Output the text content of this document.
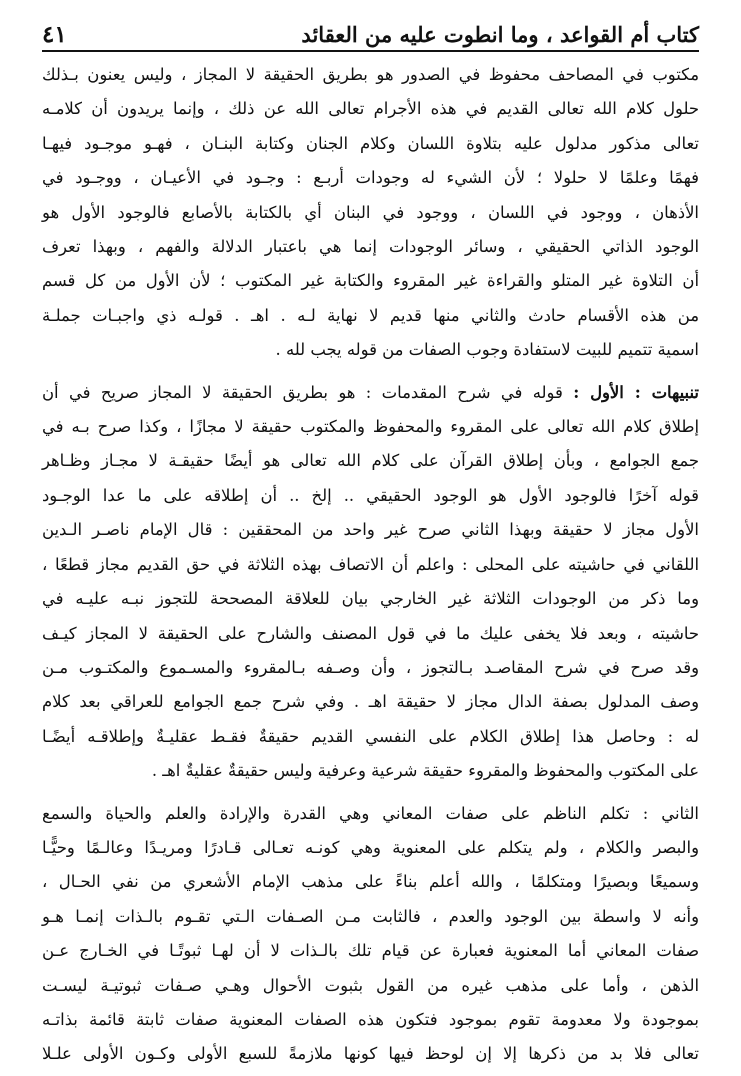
كتاب أم القواعد ، وما انطوت عليه من العقائد
٤١

مكتوب في المصاحف محفوظ في الصدور هو بطريق الحقيقة لا المجاز ، وليس يعنون بـذلك
حلول كلام الله تعالى القديم في هذه الأجرام تعالى الله عن ذلك ، وإنما يريدون أن كلامـه
تعالى مذكور مدلول عليه بتلاوة اللسان وكلام الجنان وكتابة البنـان ، فهـو موجـود فيهـا
فهمًا وعلمًا لا حلولا ؛ لأن الشيء له وجودات أربـع : وجـود في الأعيـان ، ووجـود في
الأذهان ، ووجود في اللسان ، ووجود في البنان أي بالكتابة بالأصابع فالوجود الأول هو
الوجود الذاتي الحقيقي ، وسائر الوجودات إنما هي باعتبار الدلالة والفهم ، وبهذا تعرف
أن التلاوة غير المتلو والقراءة غير المقروء والكتابة غير المكتوب ؛ لأن الأول من كل قسم
من هذه الأقسام حادث والثاني منها قديم لا نهاية لـه . اهـ . قولـه ذي واجبـات جملـة
اسمية تتميم للبيت لاستفادة وجوب الصفات من قوله يجب لله .

تنبيهات : الأول : قوله في شرح المقدمات : هو بطريق الحقيقة لا المجاز صريح في أن
إطلاق كلام الله تعالى على المقروء والمحفوظ والمكتوب حقيقة لا مجازًا ، وكذا صرح بـه في
جمع الجوامع ، وبأن إطلاق القرآن على كلام الله تعالى هو أيضًا حقيقـة لا مجـاز وظـاهر
قوله آخرًا فالوجود الأول هو الوجود الحقيقي .. إلخ .. أن إطلاقه على ما عدا الوجـود
الأول مجاز لا حقيقة وبهذا الثاني صرح غير واحد من المحققين : قال الإمام ناصـر الـدين
اللقاني في حاشيته على المحلى : واعلم أن الاتصاف بهذه الثلاثة في حق القديم مجاز قطعًا ،
وما ذكر من الوجودات الثلاثة غير الخارجي بيان للعلاقة المصححة للتجوز نبـه عليـه في
حاشيته ، وبعد فلا يخفى عليك ما في قول المصنف والشارح على الحقيقة لا المجاز كيـف
وقد صرح في شرح المقاصـد بـالتجوز ، وأن وصـفه بـالمقروء والمسـموع والمكتـوب مـن
وصف المدلول بصفة الدال مجاز لا حقيقة اهـ . وفي شرح جمع الجوامع للعراقي بعد كلام
له : وحاصل هذا إطلاق الكلام على النفسي القديم حقيقةٌ فقـط عقليـةٌ وإطلاقـه أيضًـا
على المكتوب والمحفوظ والمقروء حقيقة شرعية وعرفية وليس حقيقةٌ عقليةٌ اهـ .

الثاني : تكلم الناظم على صفات المعاني وهي القدرة والإرادة والعلم والحياة والسمع
والبصر والكلام ، ولم يتكلم على المعنوية وهي كونـه تعـالى قـادرًا ومريـدًا وعالـمًا وحيًّـا
وسميعًا وبصيرًا ومتكلمًا ، والله أعلم بناءً على مذهب الإمام الأشعري من نفي الحـال ،
وأنه لا واسطة بين الوجود والعدم ، فالثابت مـن الصـفات الـتي تقـوم بالـذات إنمـا هـو
صفات المعاني أما المعنوية فعبارة عن قيام تلك بالـذات لا أن لهـا ثبوتًـا في الخـارج عـن
الذهن ، وأما على مذهب غيره من القول بثبوت الأحوال وهـي صـفات ثبوتيـة ليسـت
بموجودة ولا معدومة تقوم بموجود فتكون هذه الصفات المعنوية صفات ثابتة قائمة بذاتـه
تعالى فلا بد من ذكرها إلا إن لوحظ فيها كونها ملازمةً للسبع الأولى وكـون الأولى علـلا
